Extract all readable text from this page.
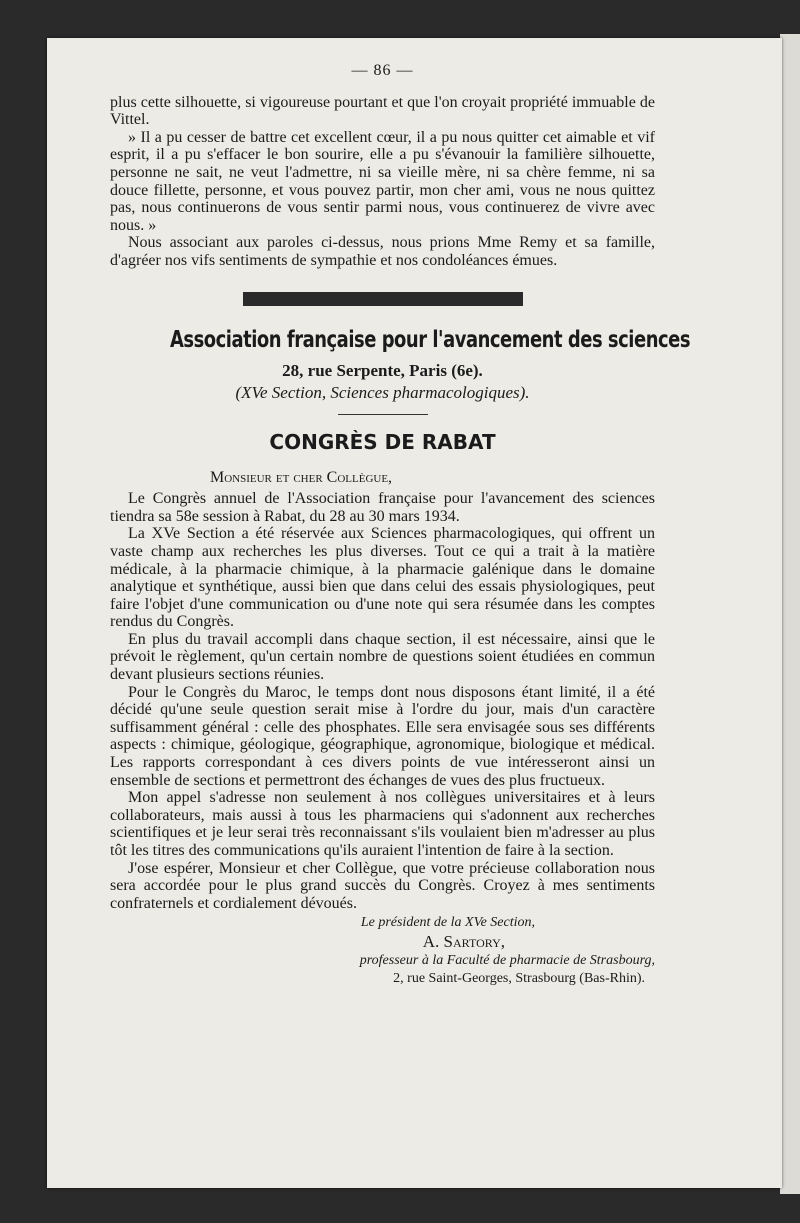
— 86 —

plus cette silhouette, si vigoureuse pourtant et que l'on croyait propriété immuable de Vittel.

» Il a pu cesser de battre cet excellent cœur, il a pu nous quitter cet aimable et vif esprit, il a pu s'effacer le bon sourire, elle a pu s'évanouir la familière silhouette, personne ne sait, ne veut l'admettre, ni sa vieille mère, ni sa chère femme, ni sa douce fillette, personne, et vous pouvez partir, mon cher ami, vous ne nous quittez pas, nous continuerons de vous sentir parmi nous, vous continuerez de vivre avec nous. »

Nous associant aux paroles ci-dessus, nous prions Mme Remy et sa famille, d'agréer nos vifs sentiments de sympathie et nos condoléances émues.

Association française pour l'avancement des sciences
28, rue Serpente, Paris (6e).
(XVe Section, Sciences pharmacologiques).
CONGRÈS DE RABAT
Monsieur et cher Collègue,

Le Congrès annuel de l'Association française pour l'avancement des sciences tiendra sa 58e session à Rabat, du 28 au 30 mars 1934.

La XVe Section a été réservée aux Sciences pharmacologiques, qui offrent un vaste champ aux recherches les plus diverses. Tout ce qui a trait à la matière médicale, à la pharmacie chimique, à la pharmacie galénique dans le domaine analytique et synthétique, aussi bien que dans celui des essais physiologiques, peut faire l'objet d'une communication ou d'une note qui sera résumée dans les comptes rendus du Congrès.

En plus du travail accompli dans chaque section, il est nécessaire, ainsi que le prévoit le règlement, qu'un certain nombre de questions soient étudiées en commun devant plusieurs sections réunies.

Pour le Congrès du Maroc, le temps dont nous disposons étant limité, il a été décidé qu'une seule question serait mise à l'ordre du jour, mais d'un caractère suffisamment général : celle des phosphates. Elle sera envisagée sous ses différents aspects : chimique, géologique, géographique, agronomique, biologique et médical. Les rapports correspondant à ces divers points de vue intéresseront ainsi un ensemble de sections et permettront des échanges de vues des plus fructueux.

Mon appel s'adresse non seulement à nos collègues universitaires et à leurs collaborateurs, mais aussi à tous les pharmaciens qui s'adonnent aux recherches scientifiques et je leur serai très reconnaissant s'ils voulaient bien m'adresser au plus tôt les titres des communications qu'ils auraient l'intention de faire à la section.

J'ose espérer, Monsieur et cher Collègue, que votre précieuse collaboration nous sera accordée pour le plus grand succès du Congrès. Croyez à mes sentiments confraternels et cordialement dévoués.

Le président de la XVe Section,
A. Sartory,
professeur à la Faculté de pharmacie de Strasbourg,
2, rue Saint-Georges, Strasbourg (Bas-Rhin).
